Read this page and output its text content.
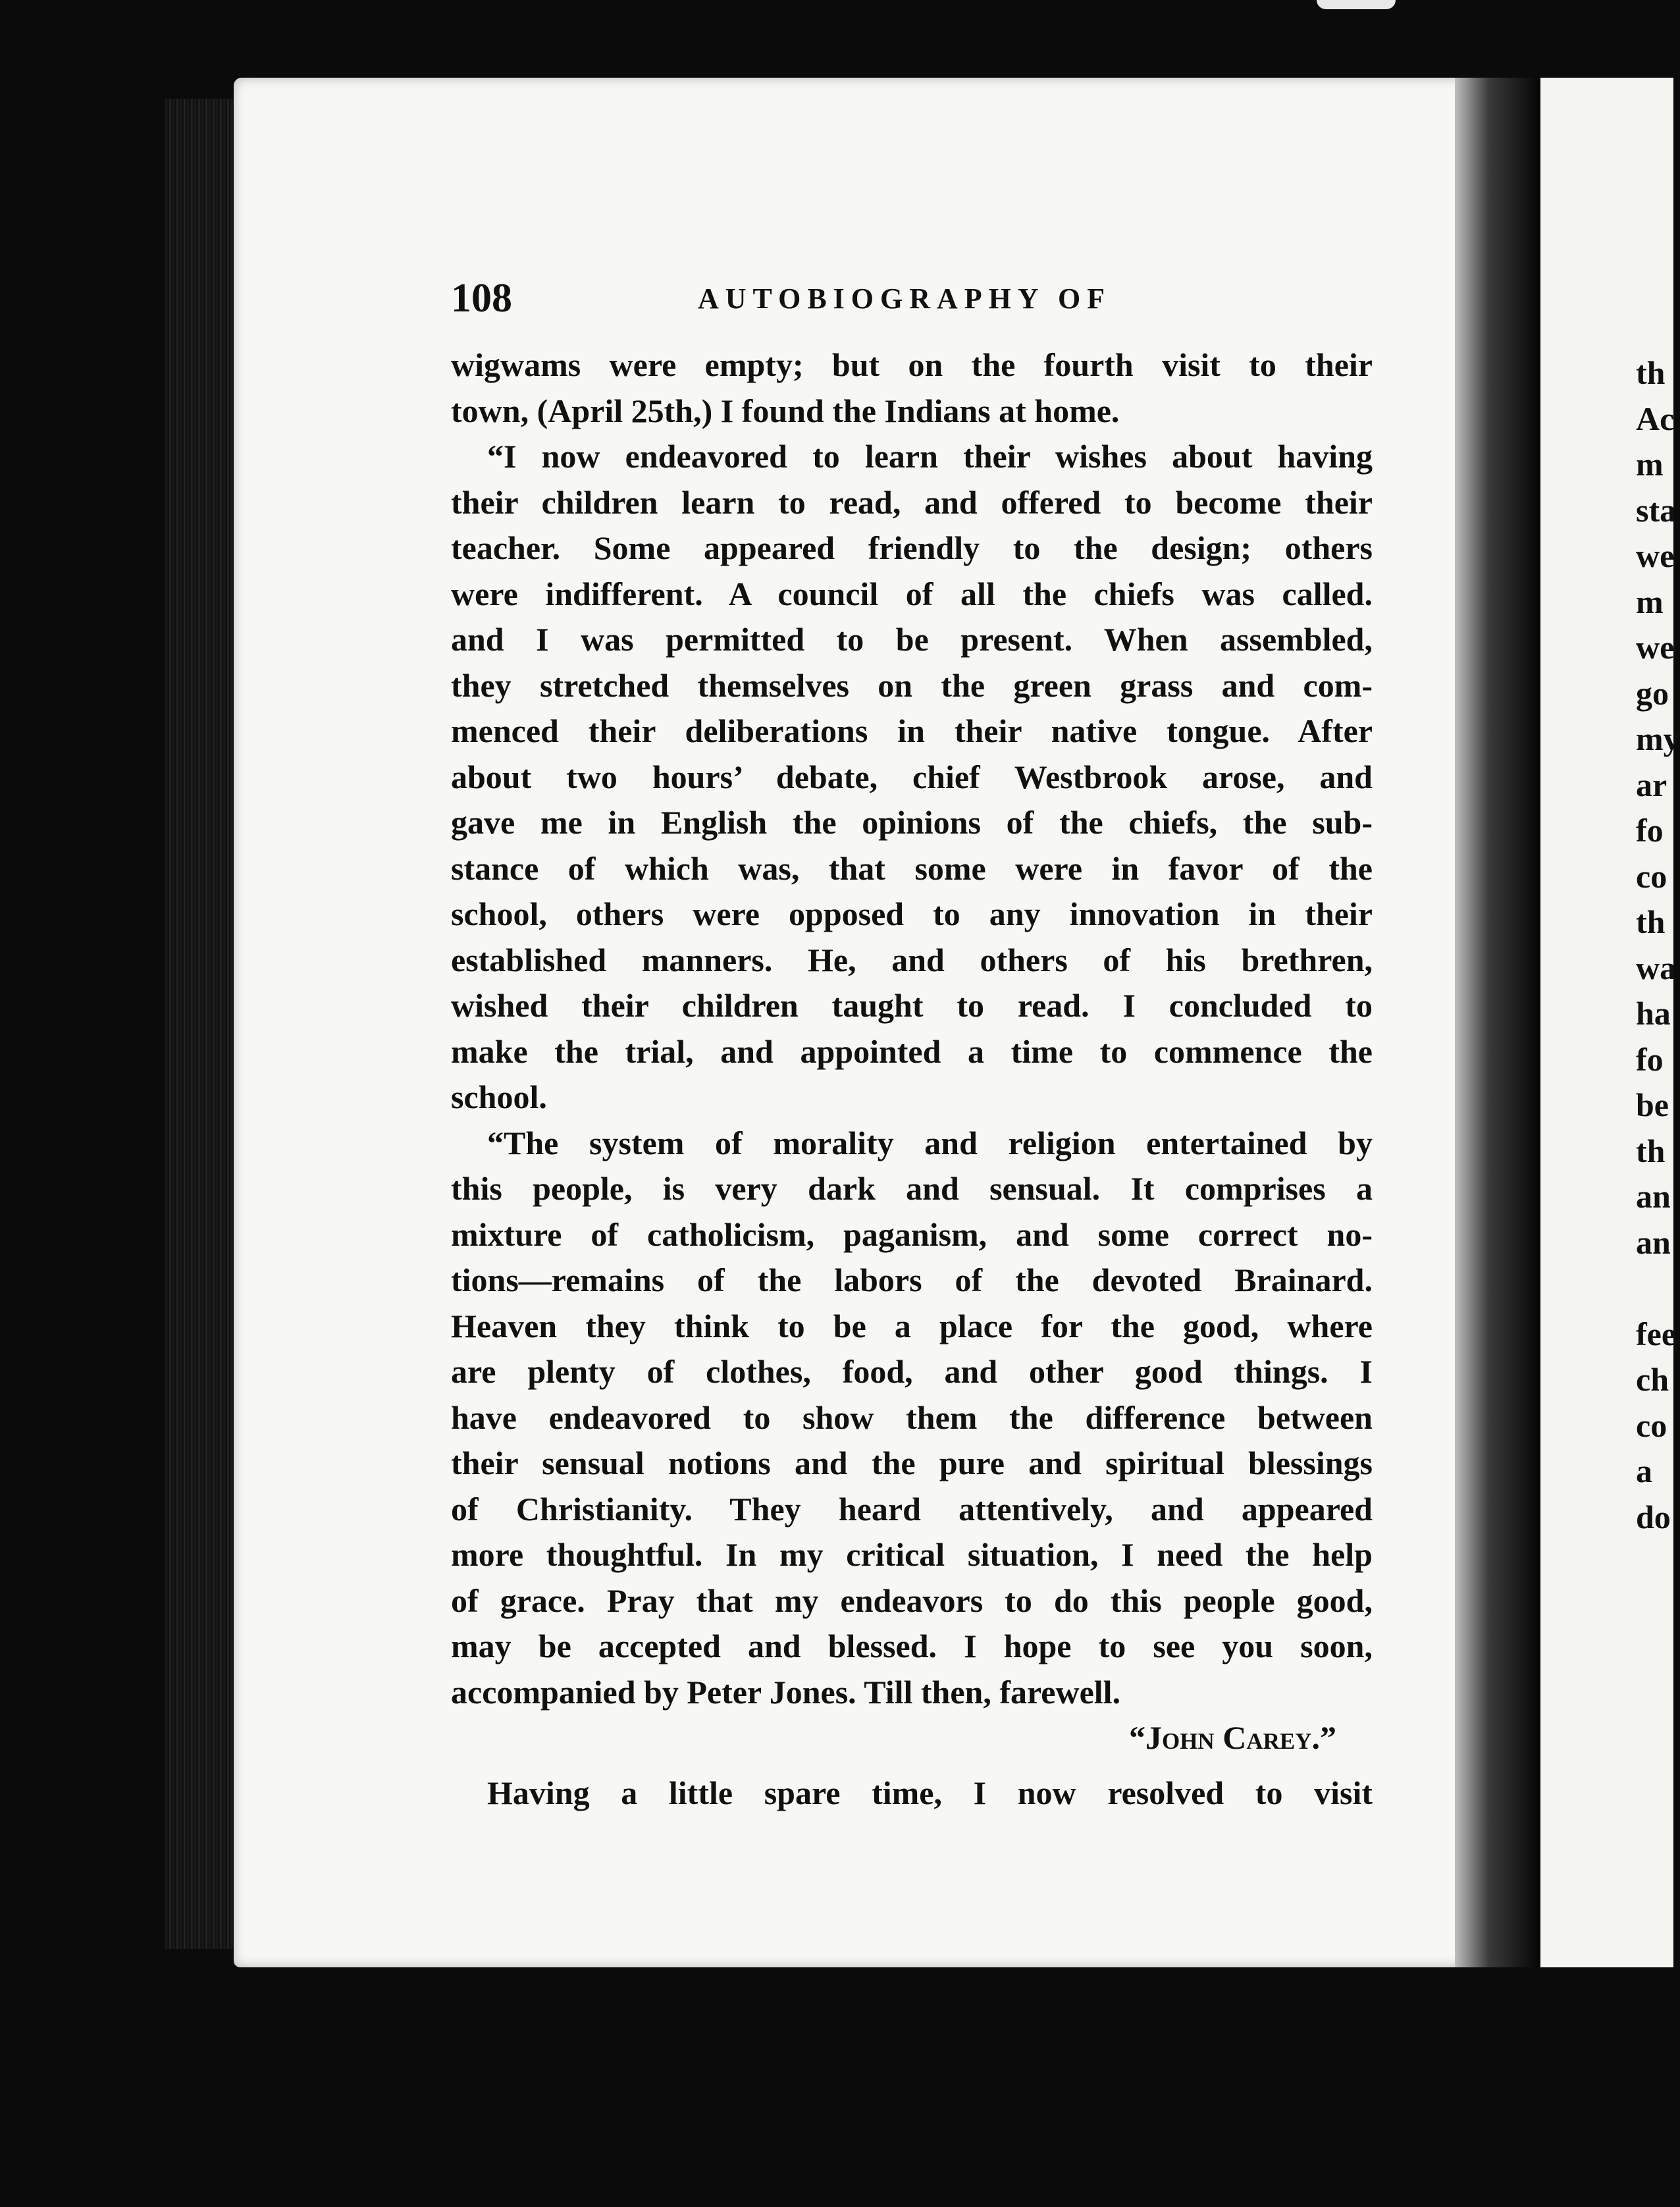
108	AUTOBIOGRAPHY OF
wigwams were empty; but on the fourth visit to their
town, (April 25th,) I found the Indians at home.
“I now endeavored to learn their wishes about having
their children learn to read, and offered to become their
teacher. Some appeared friendly to the design; others
were indifferent. A council of all the chiefs was called.
and I was permitted to be present. When assembled,
they stretched themselves on the green grass and com-
menced their deliberations in their native tongue. After
about two hours’ debate, chief Westbrook arose, and
gave me in English the opinions of the chiefs, the sub-
stance of which was, that some were in favor of the
school, others were opposed to any innovation in their
established manners. He, and others of his brethren,
wished their children taught to read. I concluded to
make the trial, and appointed a time to commence the
school.
“The system of morality and religion entertained by
this people, is very dark and sensual. It comprises a
mixture of catholicism, paganism, and some correct no-
tions—remains of the labors of the devoted Brainard.
Heaven they think to be a place for the good, where
are plenty of clothes, food, and other good things. I
have endeavored to show them the difference between
their sensual notions and the pure and spiritual blessings
of Christianity. They heard attentively, and appeared
more thoughtful. In my critical situation, I need the help
of grace. Pray that my endeavors to do this people good,
may be accepted and blessed. I hope to see you soon,
accompanied by Peter Jones. Till then, farewell.
“John Carey.”
Having a little spare time, I now resolved to visit
th
Ac
m
sta
we
m
we
go
my
ar
fo
co
th
wa
ha
fo
be
th
an
an
fee
ch
co
a
do
